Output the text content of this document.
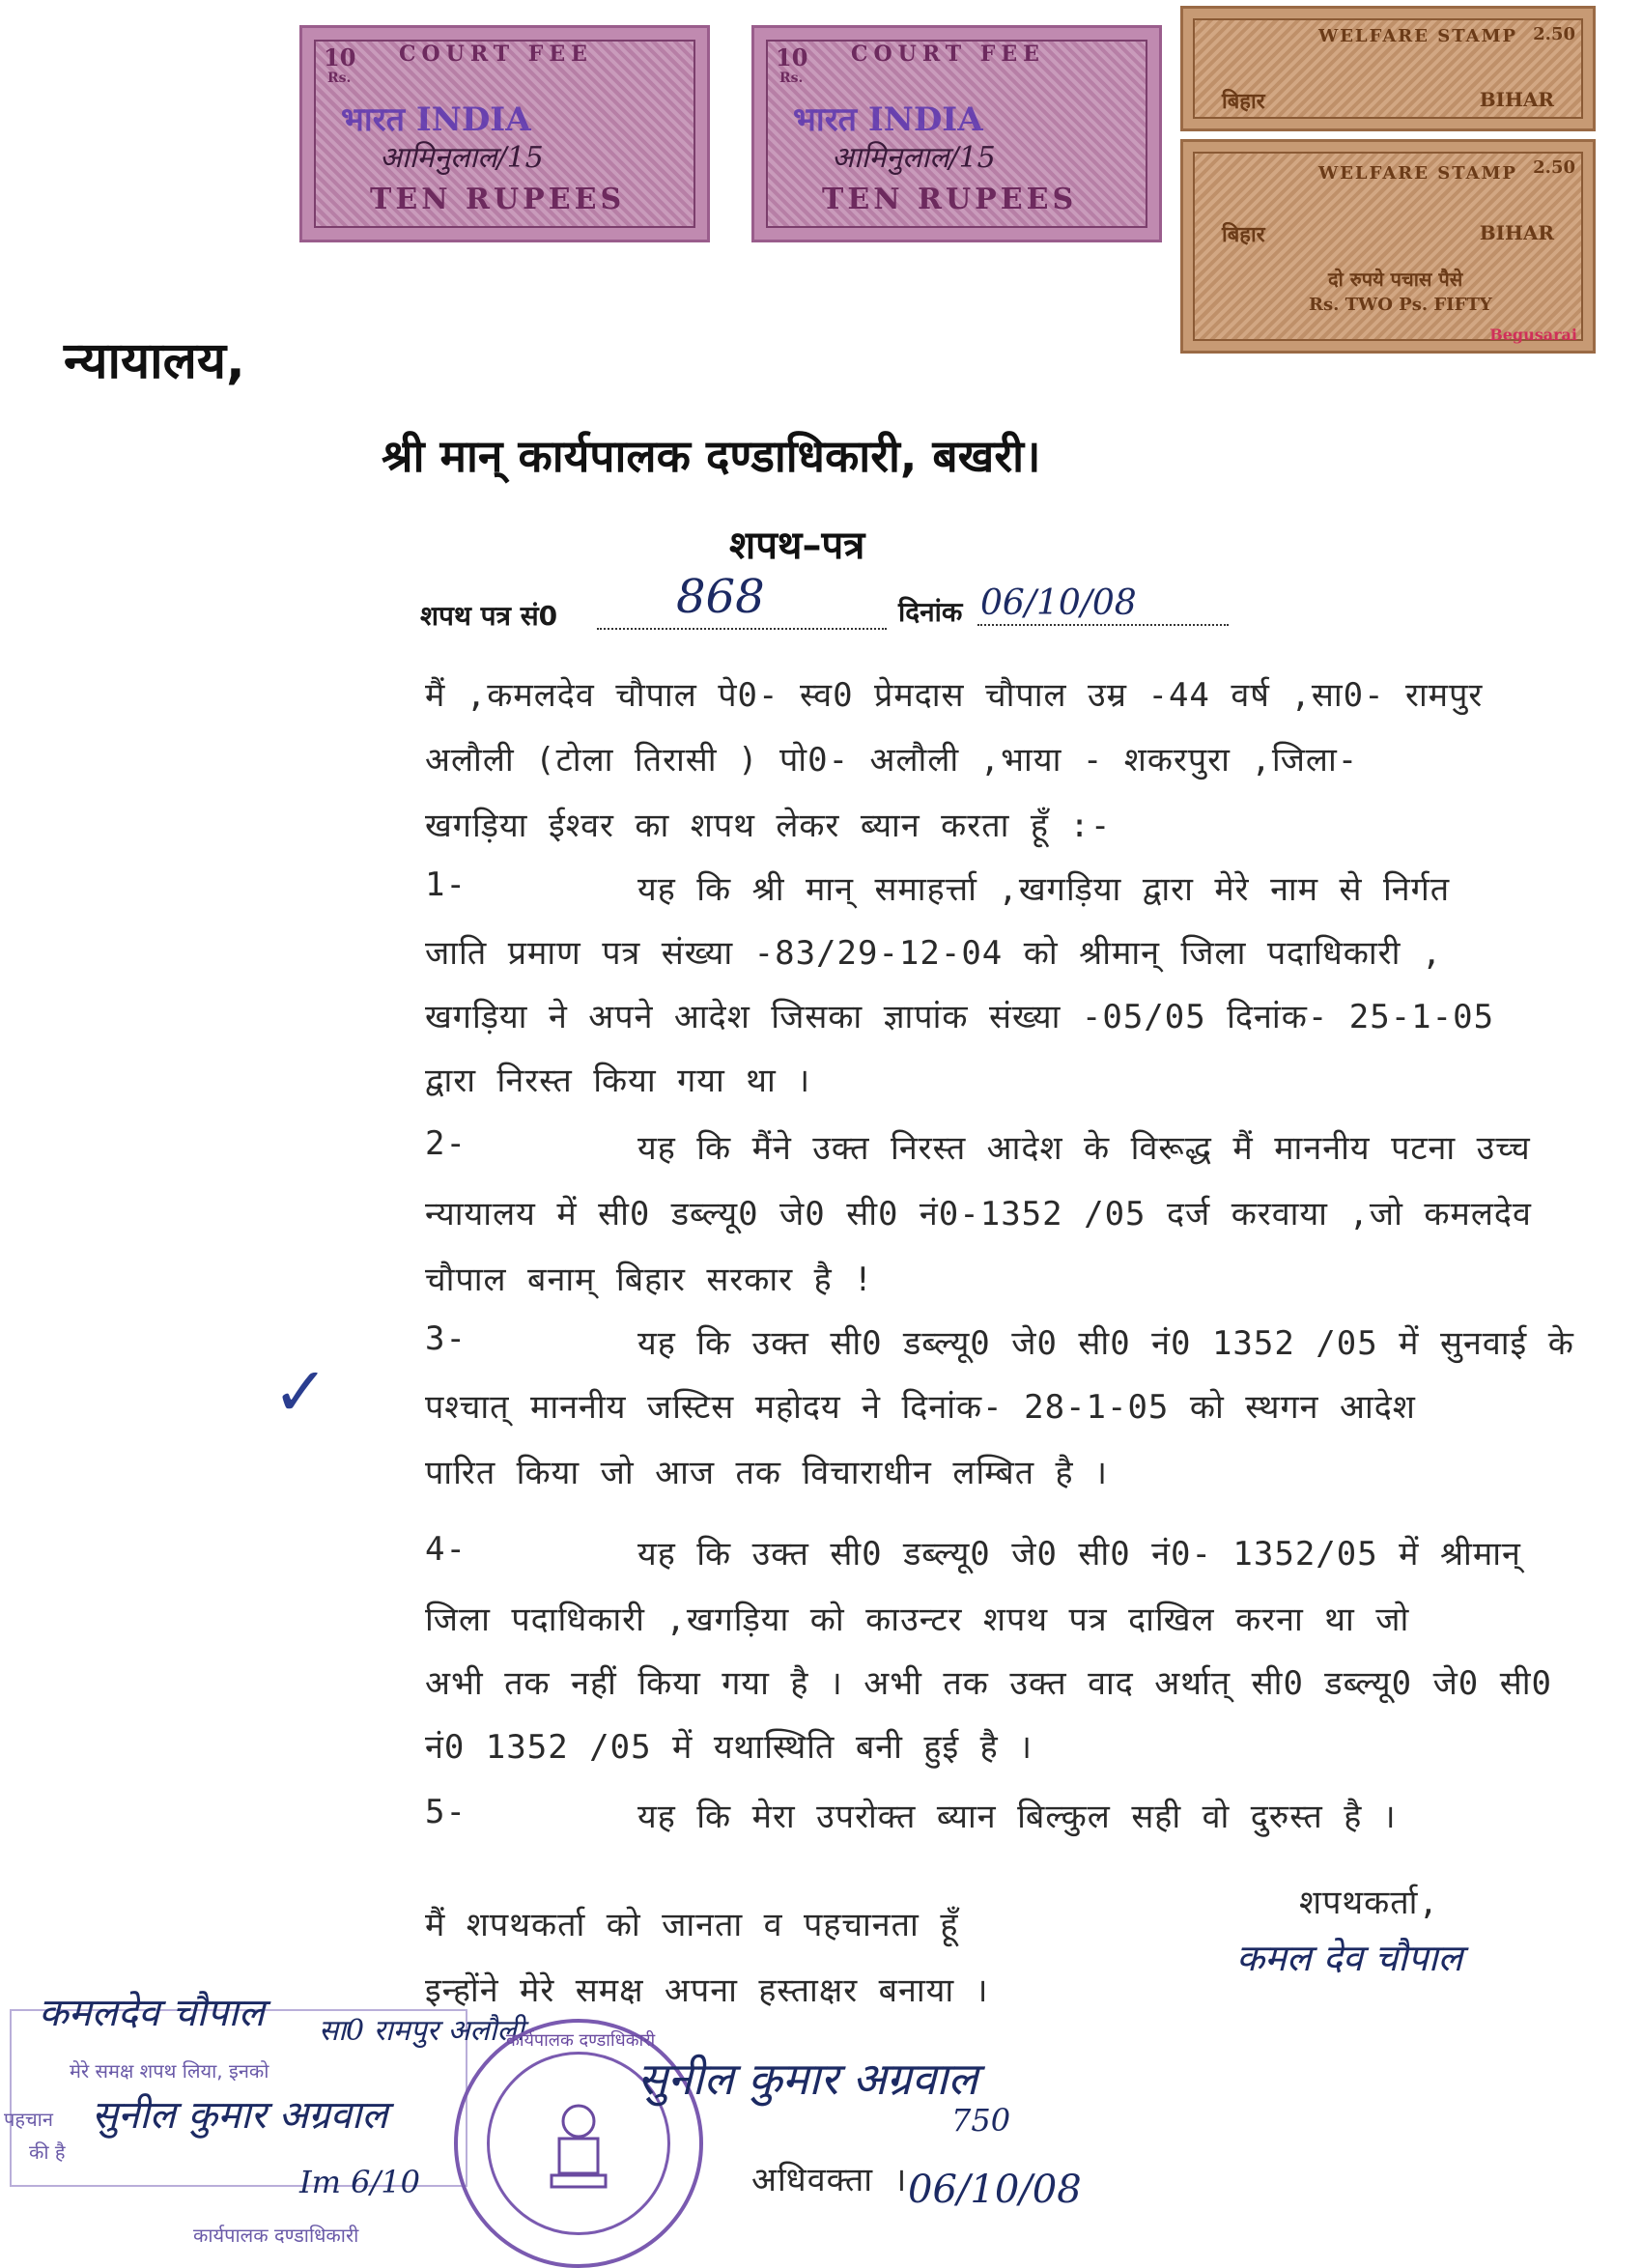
10
Rs.
COURT FEE
भारत INDIA
आमिनुलाल/15
TEN RUPEES
10
Rs.
COURT FEE
भारत INDIA
आमिनुलाल/15
TEN RUPEES
WELFARE STAMP 2.50
बिहार	BIHAR
WELFARE STAMP 2.50
बिहार	BIHAR
दो रुपये पचास पैसे
Rs. TWO Ps. FIFTY
Begusarai
न्यायालय,
श्री मान् कार्यपालक दण्डाधिकारी, बखरी।
शपथ–पत्र
शपथ पत्र सं0	868	दिनांक 06/10/08
मैं ,कमलदेव चौपाल पे0- स्व0 प्रेमदास चौपाल उम्र -44 वर्ष ,सा0- रामपुर
अलौली (टोला तिरासी ) पो0- अलौली ,भाया - शकरपुरा ,जिला-
खगड़िया ईश्वर का शपथ लेकर ब्यान करता हूँ :-
1-	यह कि श्री मान् समाहर्त्ता ,खगड़िया द्वारा मेरे नाम से निर्गत
जाति प्रमाण पत्र संख्या -83/29-12-04 को श्रीमान् जिला पदाधिकारी ,
खगड़िया ने अपने आदेश जिसका ज्ञापांक संख्या -05/05 दिनांक- 25-1-05
द्वारा निरस्त किया गया था ।
2-	यह कि मैंने उक्त निरस्त आदेश के विरूद्ध मैं माननीय पटना उच्च
न्यायालय में सी0 डब्ल्यू0 जे0 सी0 नं0-1352 /05 दर्ज करवाया ,जो कमलदेव
चौपाल बनाम् बिहार सरकार है !
✓
3-	यह कि उक्त सी0 डब्ल्यू0 जे0 सी0 नं0 1352 /05 में सुनवाई के
पश्चात् माननीय जस्टिस महोदय ने दिनांक- 28-1-05 को स्थगन आदेश
पारित किया जो आज तक विचाराधीन लम्बित है ।
4-	यह कि उक्त सी0 डब्ल्यू0 जे0 सी0 नं0- 1352/05 में श्रीमान्
जिला पदाधिकारी ,खगड़िया को काउन्टर शपथ पत्र दाखिल करना था जो
अभी तक नहीं किया गया है । अभी तक उक्त वाद अर्थात् सी0 डब्ल्यू0 जे0 सी0
नं0 1352 /05 में यथास्थिति बनी हुई है ।
5-	यह कि मेरा उपरोक्त ब्यान बिल्कुल सही वो दुरुस्त है ।
शपथकर्ता,
कमल देव चौपाल
मैं शपथकर्ता को जानता व पहचानता हूँ
इन्होंने मेरे समक्ष अपना हस्ताक्षर बनाया ।
कमलदेव चौपाल सा0 रामपुर अलौली
मेरे समक्ष शपथ लिया, इनको
पहचान
की है
सुनील कुमार अग्रवाल
Im 6/10
कार्यपालक दण्डाधिकारी
कार्यपालक दण्डाधिकारी
सुनील कुमार अग्रवाल
750
अधिवक्ता । 06/10/08
